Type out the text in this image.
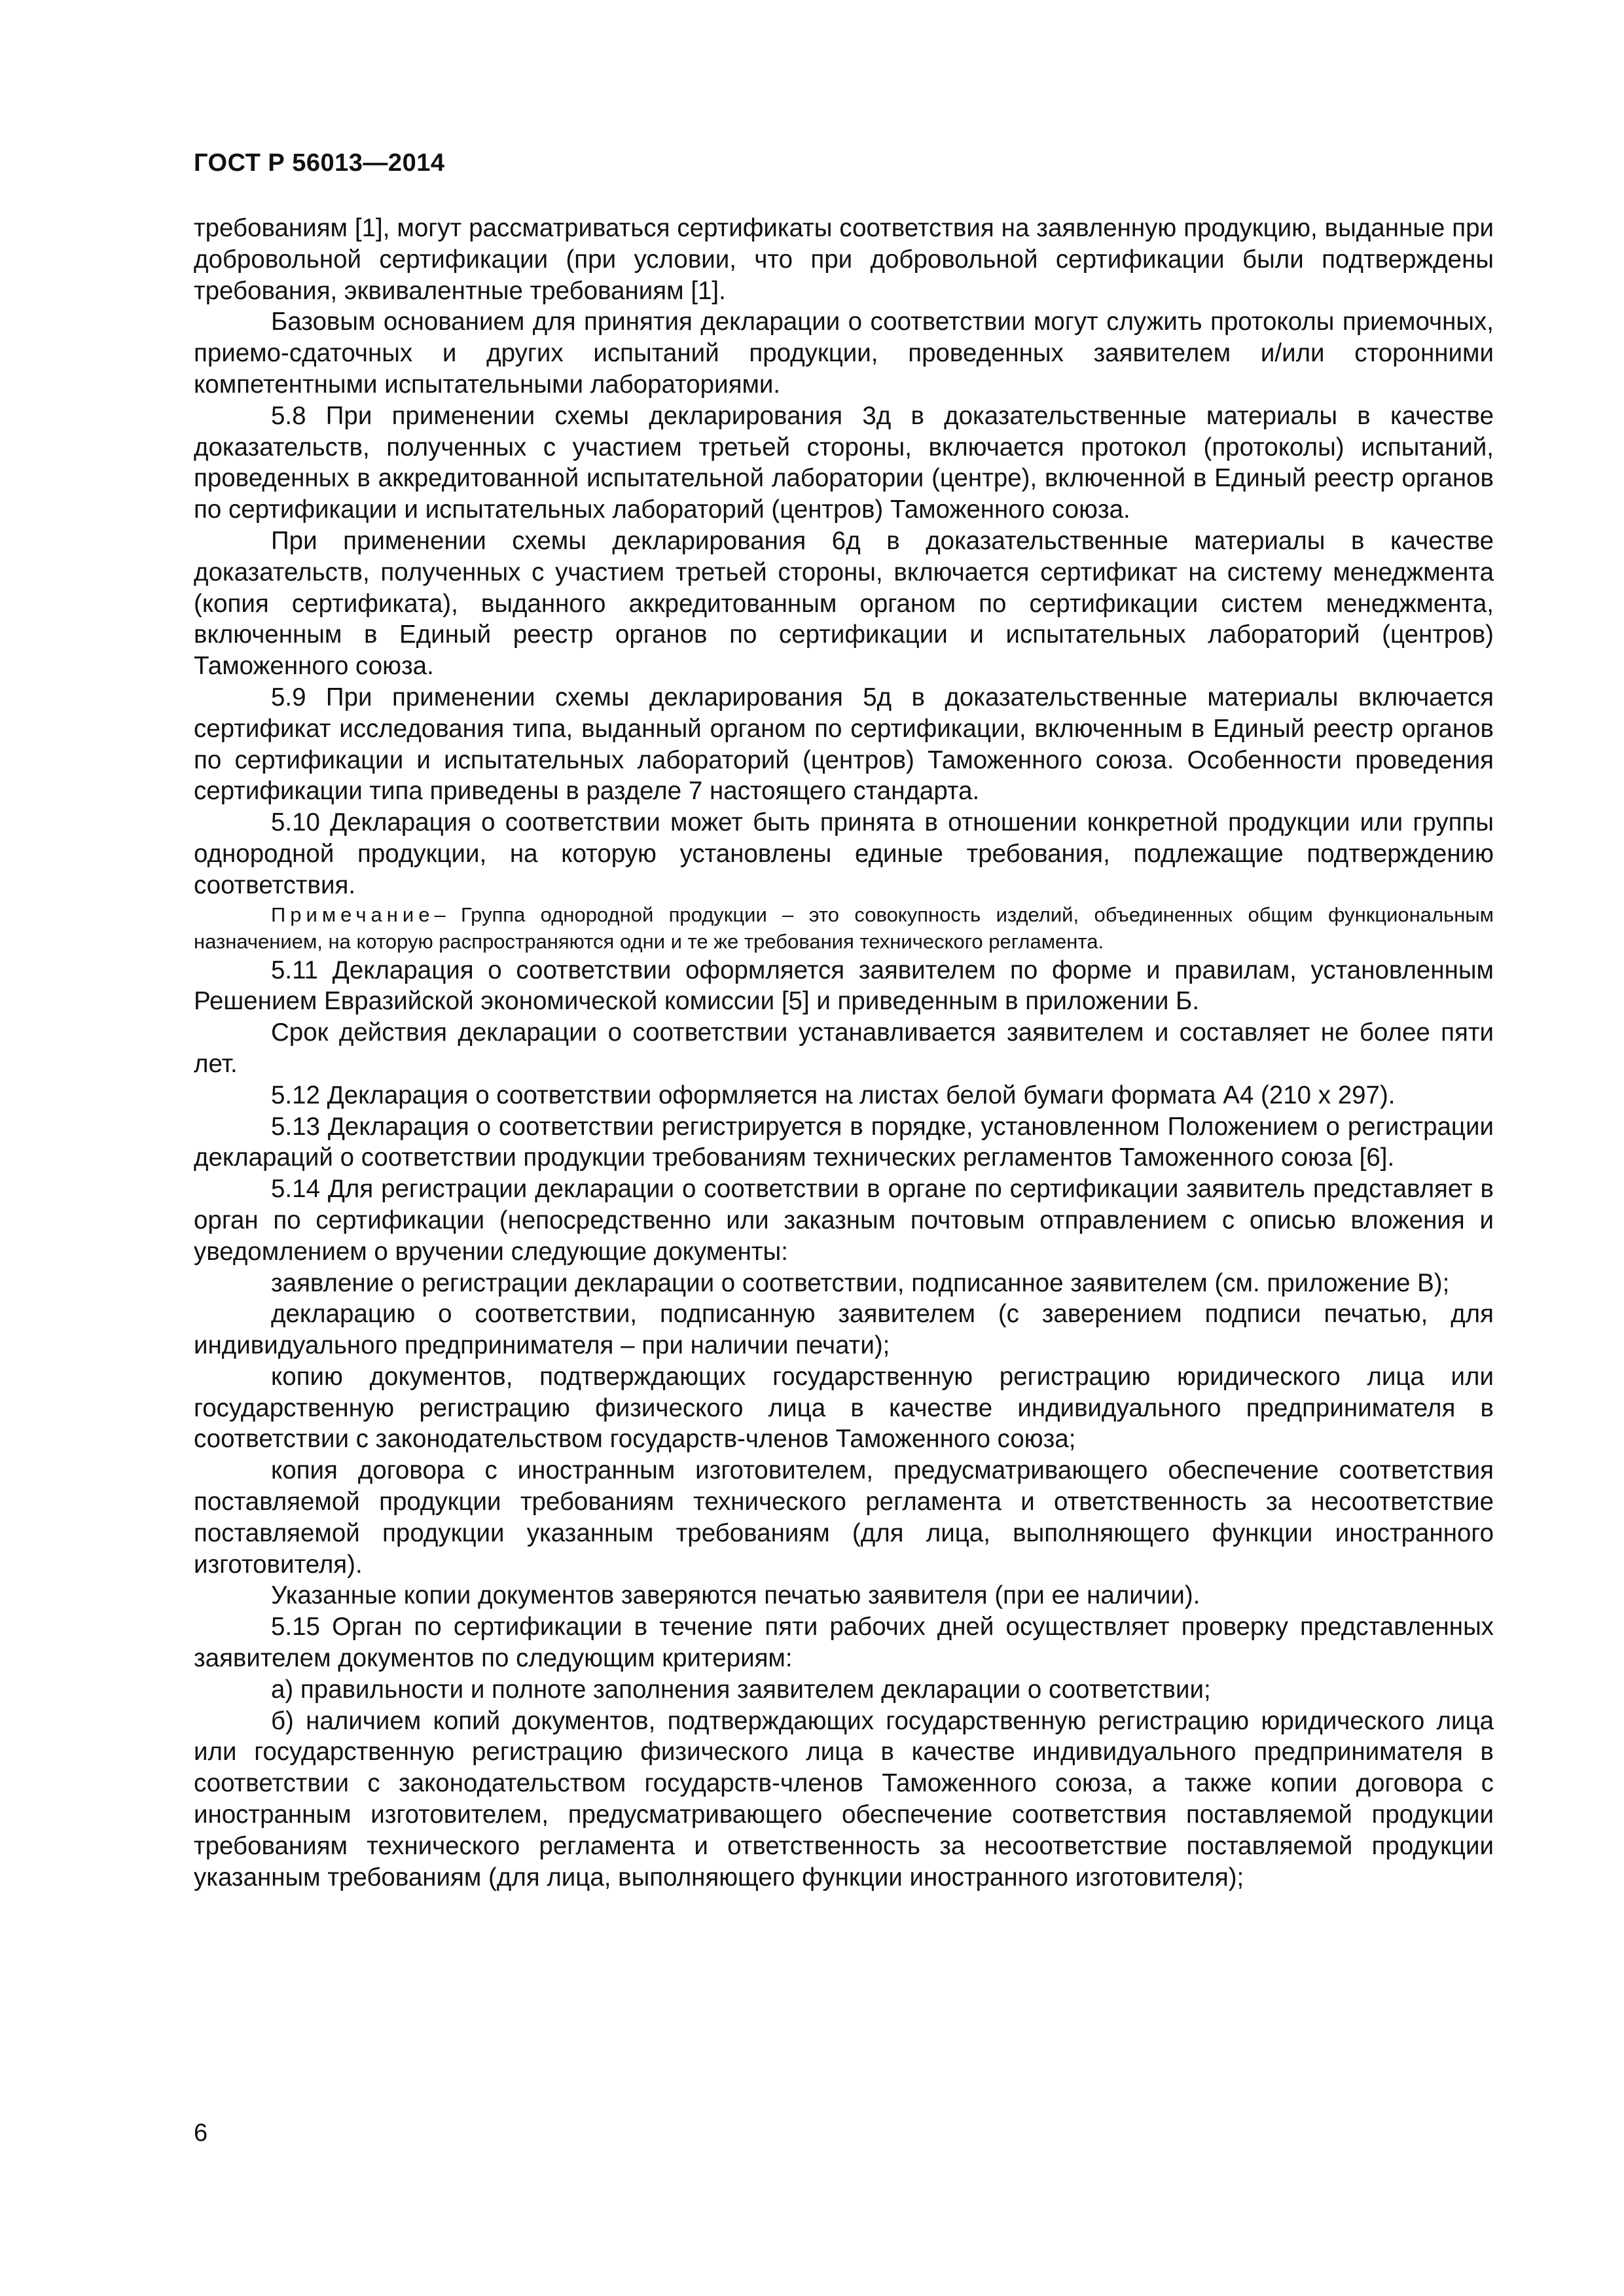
ГОСТ Р 56013—2014

требованиям [1], могут рассматриваться сертификаты соответствия на заявленную продукцию, выданные при добровольной сертификации (при условии, что при добровольной сертификации были подтверждены требования, эквивалентные требованиям [1].

Базовым основанием для принятия декларации о соответствии могут служить протоколы приемочных, приемо-сдаточных и других испытаний продукции, проведенных заявителем и/или сторонними компетентными испытательными лабораториями.

5.8 При применении схемы декларирования 3д в доказательственные материалы в качестве доказательств, полученных с участием третьей стороны, включается протокол (протоколы) испытаний, проведенных в аккредитованной испытательной лаборатории (центре), включенной в Единый реестр органов по сертификации и испытательных лабораторий (центров) Таможенного союза.

При применении схемы декларирования 6д в доказательственные материалы в качестве доказательств, полученных с участием третьей стороны, включается сертификат на систему менеджмента (копия сертификата), выданного аккредитованным органом по сертификации систем менеджмента, включенным в Единый реестр органов по сертификации и испытательных лабораторий (центров) Таможенного союза.

5.9 При применении схемы декларирования 5д в доказательственные материалы включается сертификат исследования типа, выданный органом по сертификации, включенным в Единый реестр органов по сертификации и испытательных лабораторий (центров) Таможенного союза. Особенности проведения сертификации типа приведены в разделе 7 настоящего стандарта.

5.10 Декларация о соответствии может быть принята в отношении конкретной продукции или группы однородной продукции, на которую установлены единые требования, подлежащие подтверждению соответствия.

Примечание– Группа однородной продукции – это совокупность изделий, объединенных общим функциональным назначением, на которую распространяются одни и те же требования технического регламента.

5.11 Декларация о соответствии оформляется заявителем по форме и правилам, установленным Решением Евразийской экономической комиссии [5] и приведенным в приложении Б.

Срок действия декларации о соответствии устанавливается заявителем и составляет не более пяти лет.

5.12 Декларация о соответствии оформляется на листах белой бумаги формата А4 (210 х 297).

5.13 Декларация о соответствии регистрируется в порядке, установленном Положением о регистрации деклараций о соответствии продукции требованиям технических регламентов Таможенного союза [6].

5.14 Для регистрации декларации о соответствии в органе по сертификации заявитель представляет в орган по сертификации (непосредственно или заказным почтовым отправлением с описью вложения и уведомлением о вручении следующие документы:

заявление о регистрации декларации о соответствии, подписанное заявителем (см. приложение В);

декларацию о соответствии, подписанную заявителем (с заверением подписи печатью, для индивидуального предпринимателя – при наличии печати);

копию документов, подтверждающих государственную регистрацию юридического лица или государственную регистрацию физического лица в качестве индивидуального предпринимателя в соответствии с законодательством государств-членов Таможенного союза;

копия договора с иностранным изготовителем, предусматривающего обеспечение соответствия поставляемой продукции требованиям технического регламента и ответственность за несоответствие поставляемой продукции указанным требованиям (для лица, выполняющего функции иностранного изготовителя).

Указанные копии документов заверяются печатью заявителя (при ее наличии).

5.15 Орган по сертификации в течение пяти рабочих дней осуществляет проверку представленных заявителем документов по следующим критериям:

а) правильности и полноте заполнения заявителем декларации о соответствии;

б) наличием копий документов, подтверждающих государственную регистрацию юридического лица или государственную регистрацию физического лица в качестве индивидуального предпринимателя в соответствии с законодательством государств-членов Таможенного союза, а также копии договора с иностранным изготовителем, предусматривающего обеспечение соответствия поставляемой продукции требованиям технического регламента и ответственность за несоответствие поставляемой продукции указанным требованиям (для лица, выполняющего функции иностранного изготовителя);

6
